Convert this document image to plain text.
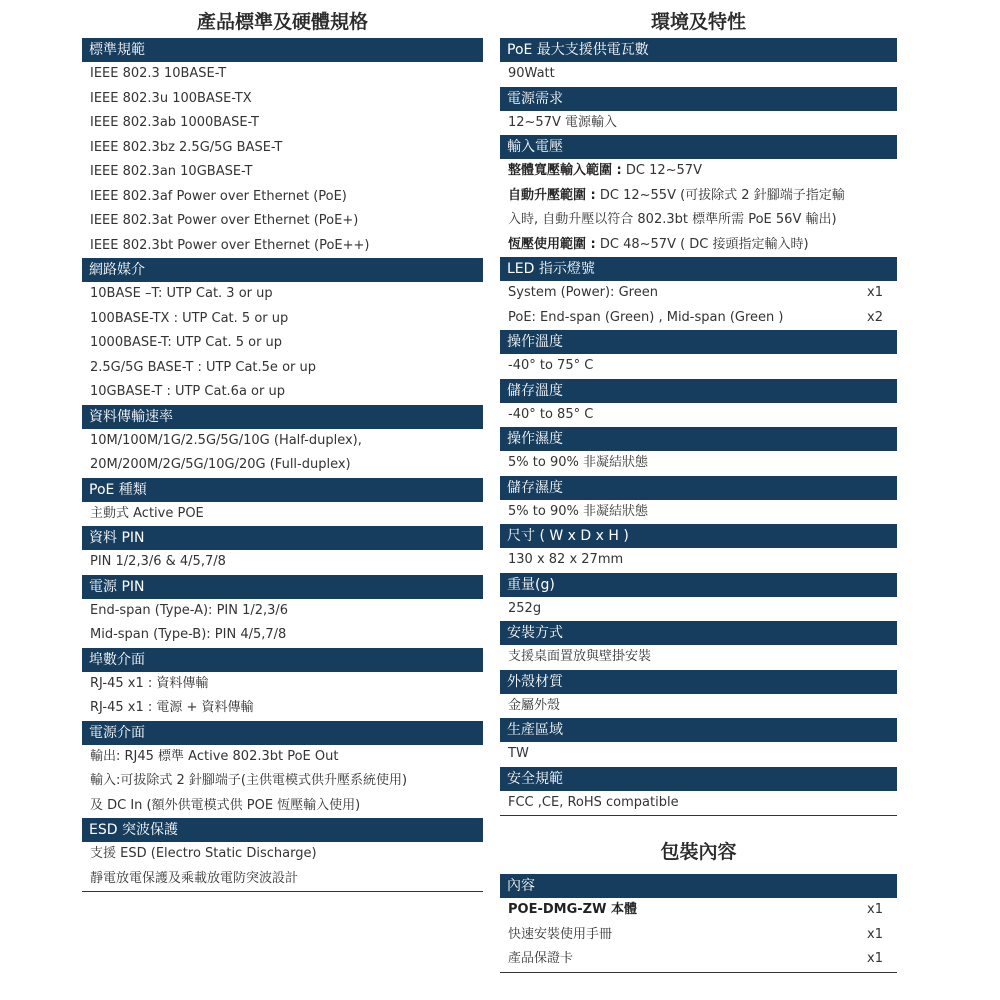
產品標準及硬體規格
標準規範
IEEE 802.3 10BASE-T
IEEE 802.3u 100BASE-TX
IEEE 802.3ab 1000BASE-T
IEEE 802.3bz 2.5G/5G BASE-T
IEEE 802.3an 10GBASE-T
IEEE 802.3af Power over Ethernet (PoE)
IEEE 802.3at Power over Ethernet (PoE+)
IEEE 802.3bt Power over Ethernet (PoE++)
網路媒介
10BASE –T: UTP Cat. 3 or up
100BASE-TX : UTP Cat. 5 or up
1000BASE-T: UTP Cat. 5 or up
2.5G/5G BASE-T : UTP Cat.5e or up
10GBASE-T : UTP Cat.6a or up
資料傳輸速率
10M/100M/1G/2.5G/5G/10G (Half-duplex),
20M/200M/2G/5G/10G/20G (Full-duplex)
PoE 種類
主動式 Active POE
資料 PIN
PIN 1/2,3/6 & 4/5,7/8
電源 PIN
End-span (Type-A): PIN 1/2,3/6
Mid-span (Type-B): PIN 4/5,7/8
埠數介面
RJ-45 x1 : 資料傳輸
RJ-45 x1 : 電源 + 資料傳輸
電源介面
輸出: RJ45 標準 Active 802.3bt PoE Out
輸入:可拔除式 2 針腳端子(主供電模式供升壓系統使用)
及 DC In (額外供電模式供 POE 恆壓輸入使用)
ESD 突波保護
支援 ESD (Electro Static Discharge)
靜電放電保護及乘載放電防突波設計
環境及特性
PoE 最大支援供電瓦數
90Watt
電源需求
12~57V 電源輸入
輸入電壓
整體寬壓輸入範圍 : DC 12~57V
自動升壓範圍 : DC 12~55V (可拔除式 2 針腳端子指定輸
入時, 自動升壓以符合 802.3bt 標準所需 PoE 56V 輸出)
恆壓使用範圍 : DC 48~57V ( DC 接頭指定輸入時)
LED 指示燈號
System (Power): Green	x1
PoE: End-span (Green) , Mid-span (Green )	x2
操作溫度
-40° to 75° C
儲存溫度
-40° to 85° C
操作濕度
5% to 90% 非凝結狀態
儲存濕度
5% to 90% 非凝結狀態
尺寸 ( W x D x H )
130 x 82 x 27mm
重量(g)
252g
安裝方式
支援桌面置放與壁掛安裝
外殼材質
金屬外殼
生產區域
TW
安全規範
FCC ,CE, RoHS compatible
包裝內容
內容
POE-DMG-ZW 本體	x1
快速安裝使用手冊	x1
產品保證卡	x1
